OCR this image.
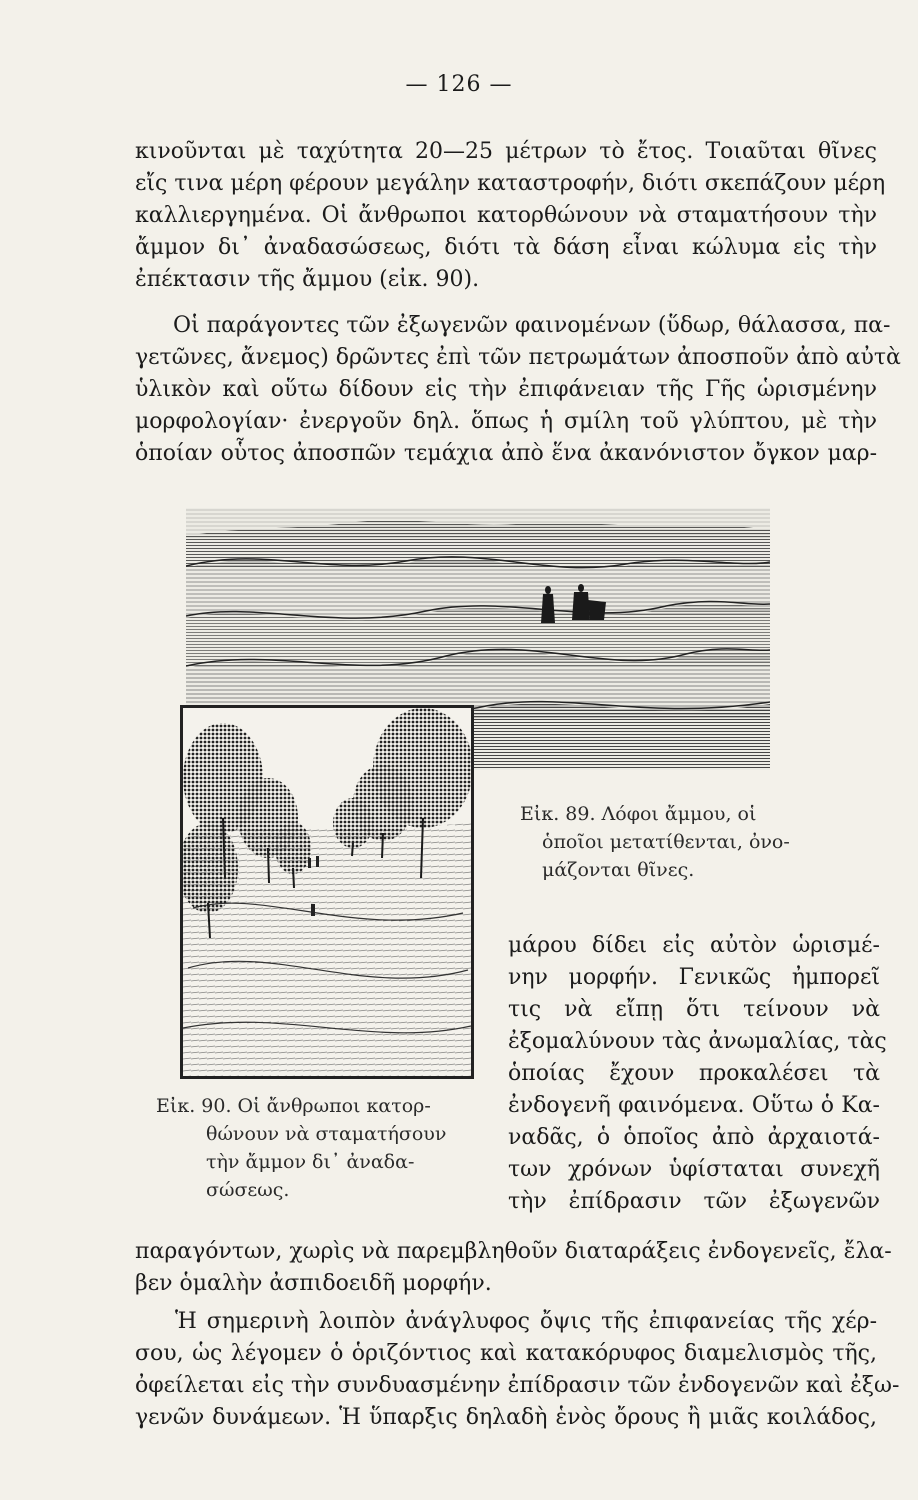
— 126 —
κινοῦνται μὲ ταχύτητα 20—25 μέτρων τὸ ἔτος. Τοιαῦται θῖνες
εἴς τινα μέρη φέρουν μεγάλην καταστροφήν, διότι σκεπάζουν μέρη
καλλιεργημένα. Οἱ ἄνθρωποι κατορθώνουν νὰ σταματήσουν τὴν
ἄμμον δι᾽ ἀναδασώσεως, διότι τὰ δάση εἶναι κώλυμα εἰς τὴν
ἐπέκτασιν τῆς ἄμμου (εἰκ. 90).
Οἱ παράγοντες τῶν ἐξωγενῶν φαινομένων (ὕδωρ, θάλασσα, πα-
γετῶνες, ἄνεμος) δρῶντες ἐπὶ τῶν πετρωμάτων ἀποσποῦν ἀπὸ αὐτὰ
ὑλικὸν καὶ οὕτω δίδουν εἰς τὴν ἐπιφάνειαν τῆς Γῆς ὡρισμένην
μορφολογίαν· ἐνεργοῦν δηλ. ὅπως ἡ σμίλη τοῦ γλύπτου, μὲ τὴν
ὁποίαν οὗτος ἀποσπῶν τεμάχια ἀπὸ ἕνα ἀκανόνιστον ὄγκον μαρ-
Εἰκ. 89. Λόφοι ἄμμου, οἱ
ὁποῖοι μετατίθενται, ὀνο-
μάζονται θῖνες.
μάρου δίδει εἰς αὐτὸν ὡρισμέ-
νην μορφήν. Γενικῶς ἠμπορεῖ
τις νὰ εἴπῃ ὅτι τείνουν νὰ
ἐξομαλύνουν τὰς ἀνωμαλίας, τὰς
ὁποίας ἔχουν προκαλέσει τὰ
ἐνδογενῆ φαινόμενα. Οὕτω ὁ Κα-
ναδᾶς, ὁ ὁποῖος ἀπὸ ἀρχαιοτά-
των χρόνων ὑφίσταται συνεχῆ
τὴν ἐπίδρασιν τῶν ἐξωγενῶν
Εἰκ. 90. Οἱ ἄνθρωποι κατορ-
θώνουν νὰ σταματήσουν
τὴν ἄμμον δι᾽ ἀναδα-
σώσεως.
παραγόντων, χωρὶς νὰ παρεμβληθοῦν διαταράξεις ἐνδογενεῖς, ἔλα-
βεν ὁμαλὴν ἀσπιδοειδῆ μορφήν.
Ἡ σημερινὴ λοιπὸν ἀνάγλυφος ὄψις τῆς ἐπιφανείας τῆς χέρ-
σου, ὡς λέγομεν ὁ ὁριζόντιος καὶ κατακόρυφος διαμελισμὸς τῆς,
ὀφείλεται εἰς τὴν συνδυασμένην ἐπίδρασιν τῶν ἐνδογενῶν καὶ ἐξω-
γενῶν δυνάμεων. Ἡ ὕπαρξις δηλαδὴ ἑνὸς ὄρους ἢ μιᾶς κοιλάδος,
